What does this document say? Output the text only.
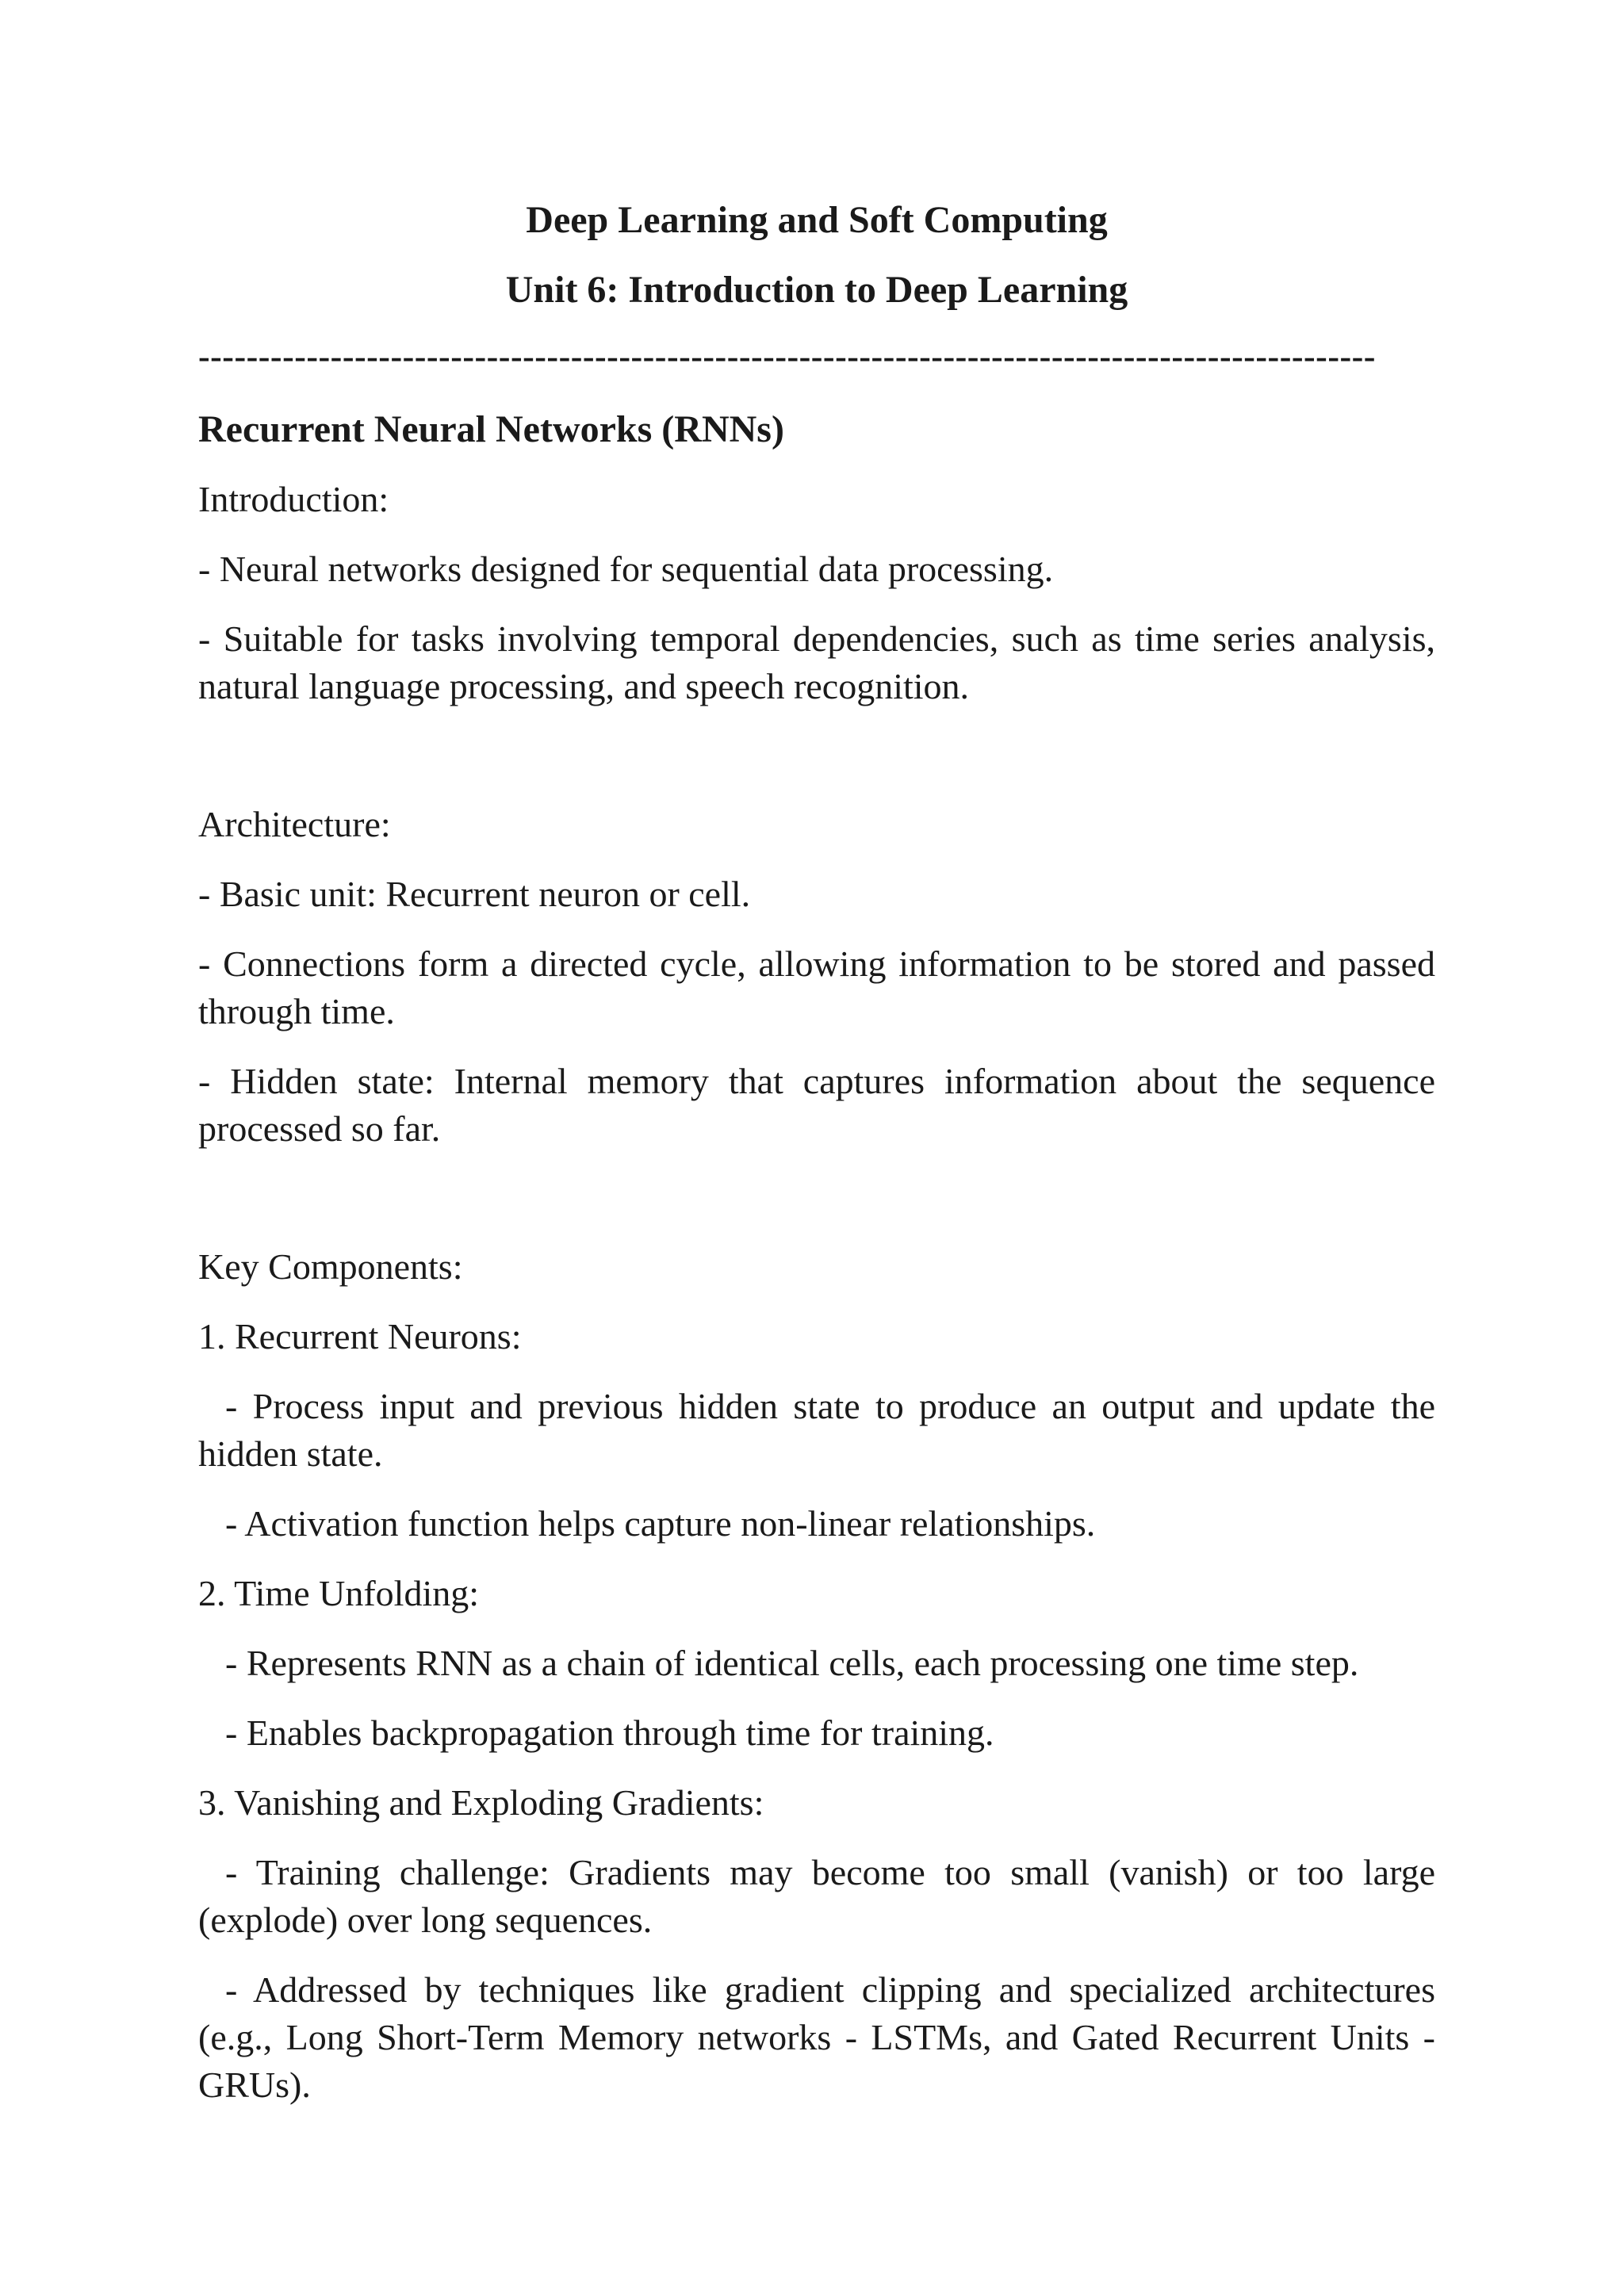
Deep Learning and Soft Computing
Unit 6: Introduction to Deep Learning
--------------------------------------------------------------------------------------------------
Recurrent Neural Networks (RNNs)
Introduction:
- Neural networks designed for sequential data processing.
- Suitable for tasks involving temporal dependencies, such as time series analysis, natural language processing, and speech recognition.
Architecture:
- Basic unit: Recurrent neuron or cell.
- Connections form a directed cycle, allowing information to be stored and passed through time.
- Hidden state: Internal memory that captures information about the sequence processed so far.
Key Components:
1. Recurrent Neurons:
- Process input and previous hidden state to produce an output and update the hidden state.
- Activation function helps capture non-linear relationships.
2. Time Unfolding:
- Represents RNN as a chain of identical cells, each processing one time step.
- Enables backpropagation through time for training.
3. Vanishing and Exploding Gradients:
- Training challenge: Gradients may become too small (vanish) or too large (explode) over long sequences.
- Addressed by techniques like gradient clipping and specialized architectures (e.g., Long Short-Term Memory networks - LSTMs, and Gated Recurrent Units - GRUs).
